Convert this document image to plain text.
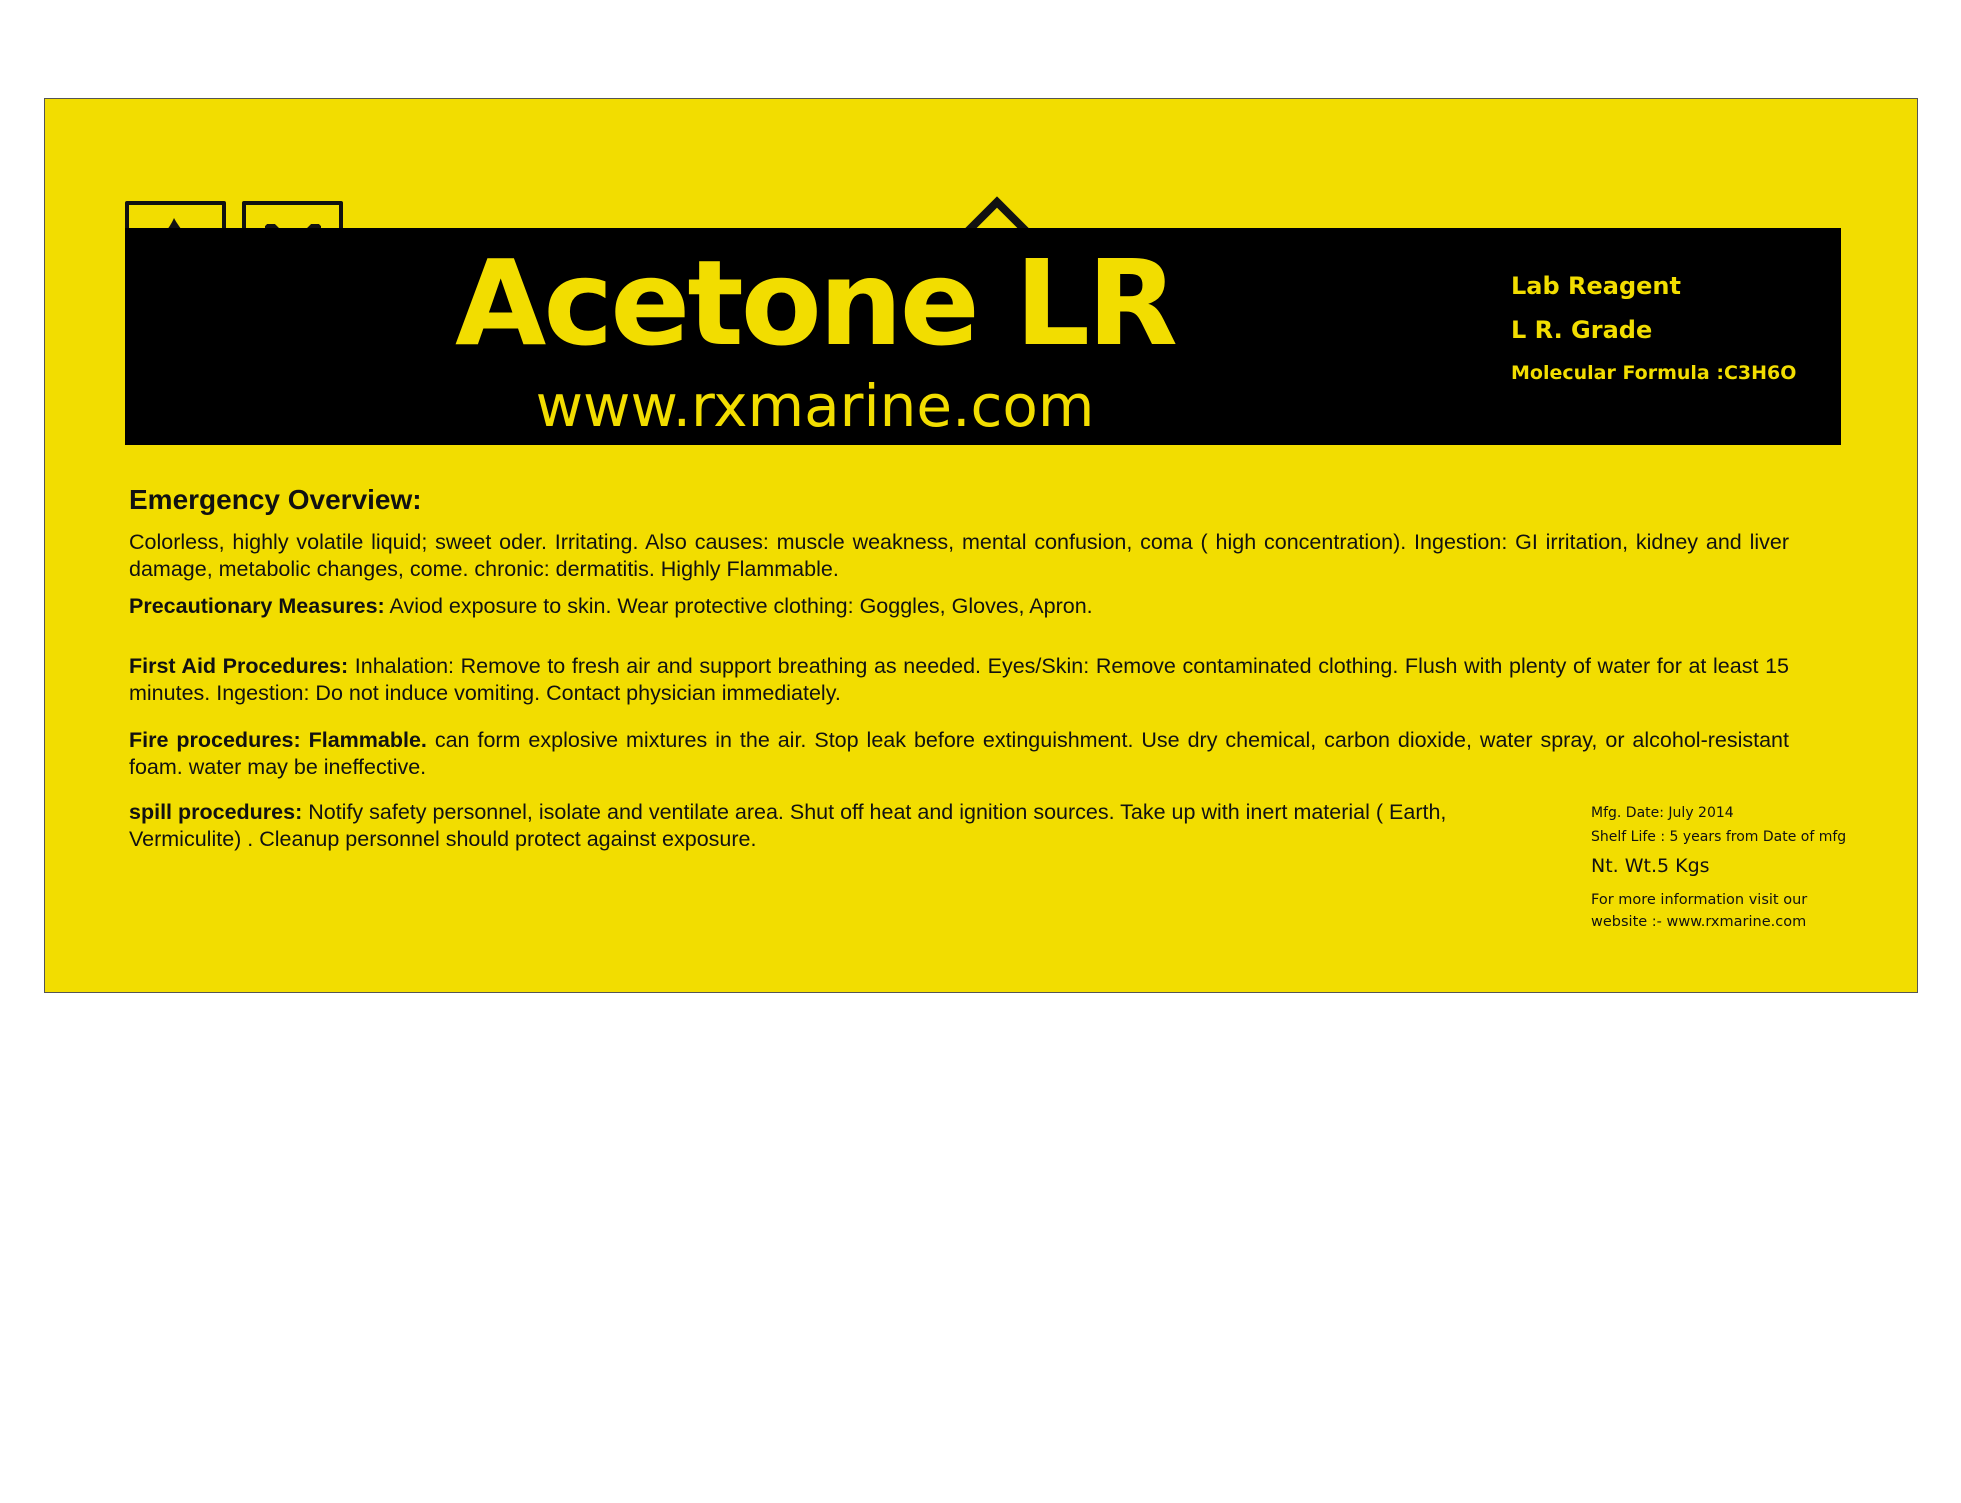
Acetone LR
www.rxmarine.com
Lab Reagent
L R. Grade
Molecular Formula :C3H6O
Emergency Overview:
Colorless, highly volatile liquid; sweet oder. Irritating. Also causes: muscle weakness, mental confusion, coma ( high concentration). Ingestion: GI irritation, kidney and liver damage, metabolic changes, come. chronic: dermatitis. Highly Flammable.
Precautionary Measures: Aviod exposure to skin. Wear protective clothing: Goggles, Gloves, Apron.
First Aid Procedures: Inhalation: Remove to fresh air and support breathing as needed. Eyes/Skin: Remove contaminated clothing. Flush with plenty of water for at least 15 minutes. Ingestion: Do not induce vomiting. Contact physician immediately.
Fire procedures: Flammable. can form explosive mixtures in the air. Stop leak before extinguishment. Use dry chemical, carbon dioxide, water spray, or alcohol-resistant foam. water may be ineffective.
spill procedures: Notify safety personnel, isolate and ventilate area. Shut off heat and ignition sources. Take up with inert material ( Earth, Vermiculite) . Cleanup personnel should protect against exposure.
Mfg. Date: July 2014
Shelf Life : 5 years from Date of mfg
Nt. Wt.5 Kgs
For more information visit our website :- www.rxmarine.com
